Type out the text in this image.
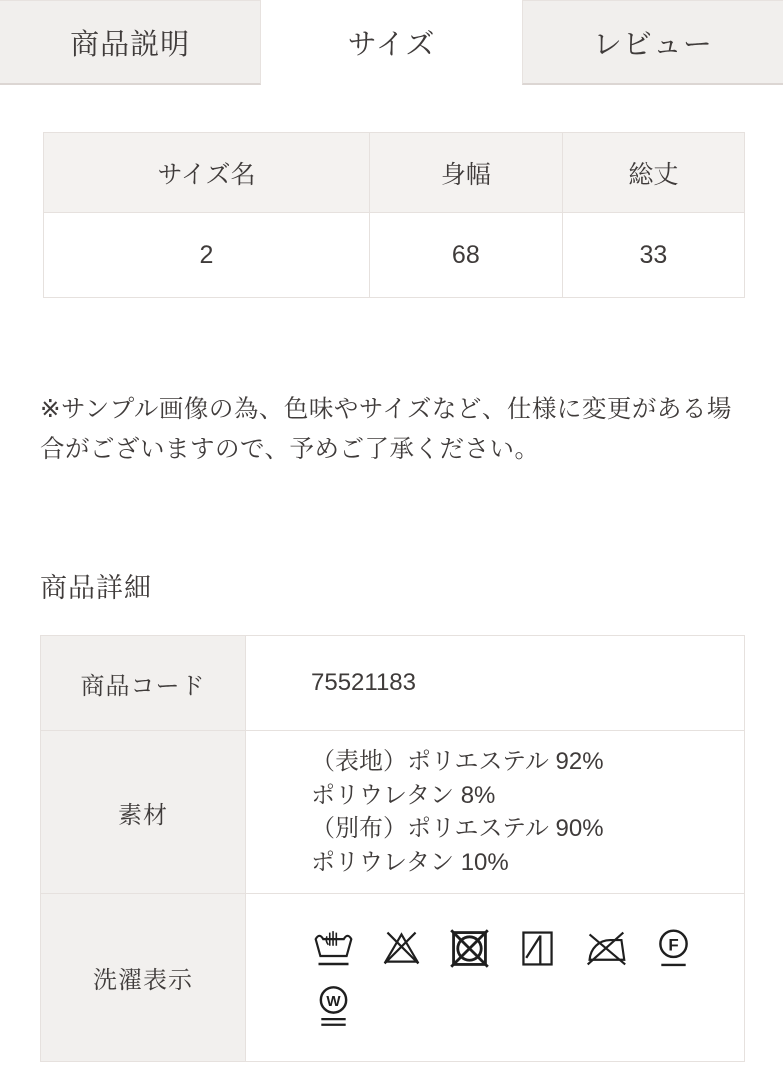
商品説明	サイズ	レビュー
サイズ名	身幅	総丈
2	68	33

※サンプル画像の為、色味やサイズなど、仕様に変更がある場合がございますので、予めご了承ください。

商品詳細
商品コード	75521183
素材	（表地）ポリエステル 92%
ポリウレタン 8%
（別布）ポリエステル 90%
ポリウレタン 10%

洗濯表示	
